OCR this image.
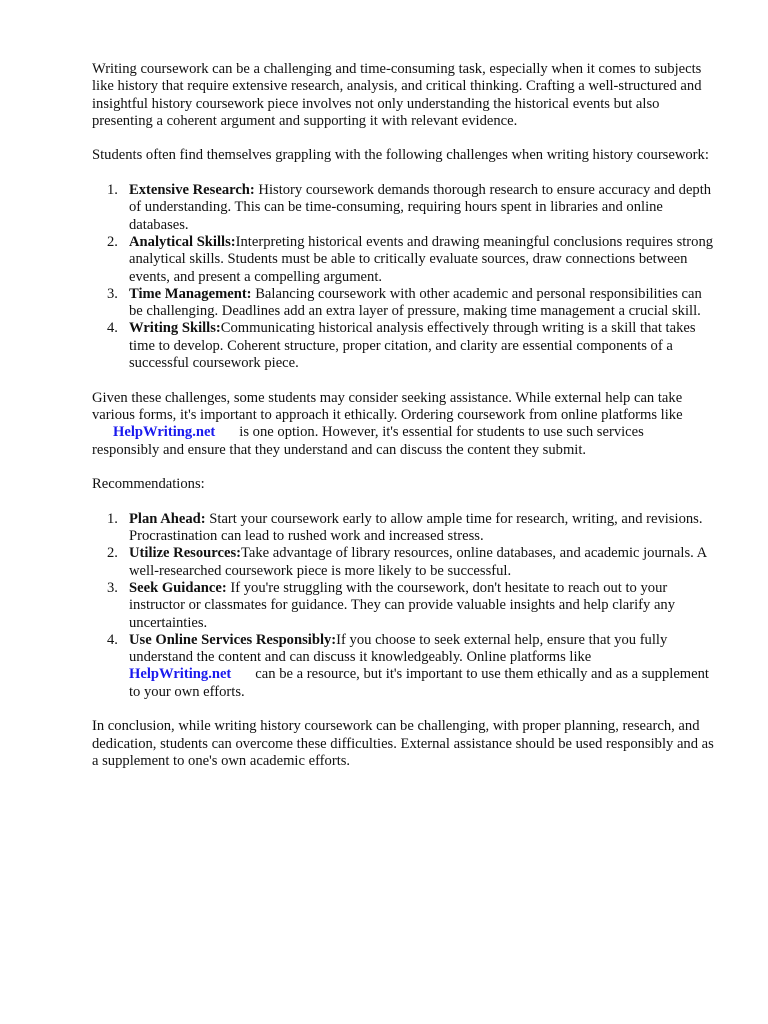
Writing coursework can be a challenging and time-consuming task, especially when it comes to subjects like history that require extensive research, analysis, and critical thinking. Crafting a well-structured and insightful history coursework piece involves not only understanding the historical events but also presenting a coherent argument and supporting it with relevant evidence.

Students often find themselves grappling with the following challenges when writing history coursework:

1. Extensive Research: History coursework demands thorough research to ensure accuracy and depth of understanding. This can be time-consuming, requiring hours spent in libraries and online databases.
2. Analytical Skills:Interpreting historical events and drawing meaningful conclusions requires strong analytical skills. Students must be able to critically evaluate sources, draw connections between events, and present a compelling argument.
3. Time Management: Balancing coursework with other academic and personal responsibilities can be challenging. Deadlines add an extra layer of pressure, making time management a crucial skill.
4. Writing Skills:Communicating historical analysis effectively through writing is a skill that takes time to develop. Coherent structure, proper citation, and clarity are essential components of a successful coursework piece.

Given these challenges, some students may consider seeking assistance. While external help can take various forms, it's important to approach it ethically. Ordering coursework from online platforms like
HelpWriting.net is one option. However, it's essential for students to use such services responsibly and ensure that they understand and can discuss the content they submit.

Recommendations:

1. Plan Ahead: Start your coursework early to allow ample time for research, writing, and revisions. Procrastination can lead to rushed work and increased stress.
2. Utilize Resources:Take advantage of library resources, online databases, and academic journals. A well-researched coursework piece is more likely to be successful.
3. Seek Guidance: If you're struggling with the coursework, don't hesitate to reach out to your instructor or classmates for guidance. They can provide valuable insights and help clarify any uncertainties.
4. Use Online Services Responsibly:If you choose to seek external help, ensure that you fully understand the content and can discuss it knowledgeably. Online platforms like
HelpWriting.net can be a resource, but it's important to use them ethically and as a supplement to your own efforts.

In conclusion, while writing history coursework can be challenging, with proper planning, research, and dedication, students can overcome these difficulties. External assistance should be used responsibly and as a supplement to one's own academic efforts.
